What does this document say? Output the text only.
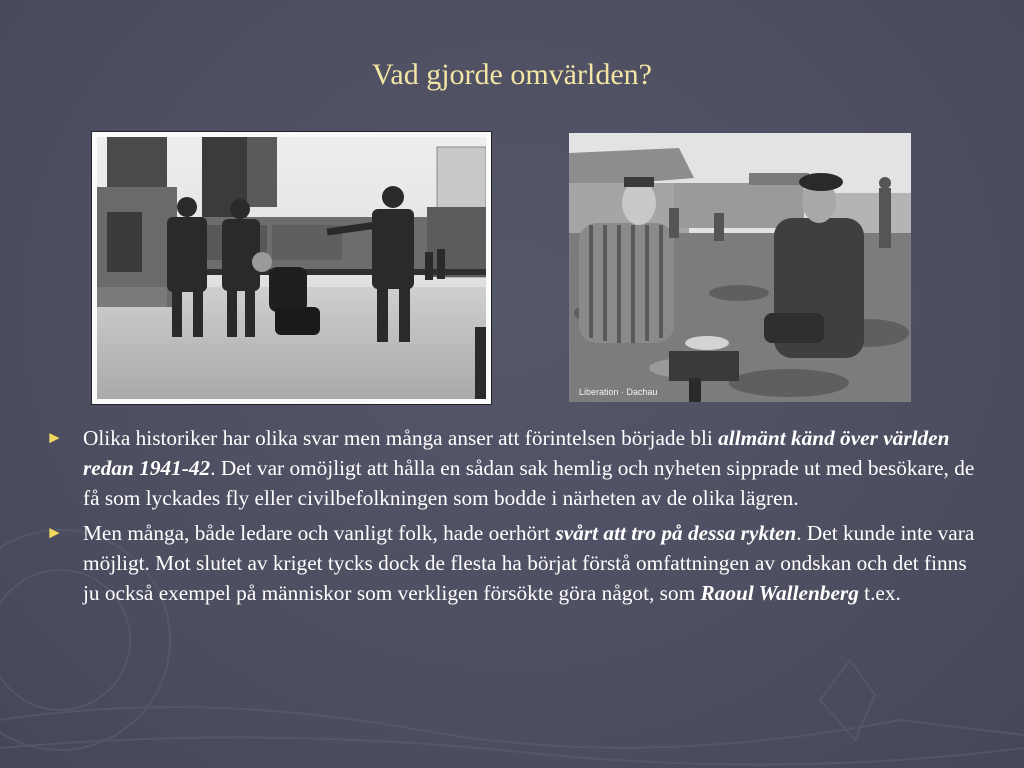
Vad gjorde omvärlden?
Liberation · Dachau
► Olika historiker har olika svar men många anser att förintelsen började bli allmänt känd över världen redan 1941-42. Det var omöjligt att hålla en sådan sak hemlig och nyheten sipprade ut med besökare, de få som lyckades fly eller civilbefolkningen som bodde i närheten av de olika lägren.
► Men många, både ledare och vanligt folk, hade oerhört svårt att tro på dessa rykten. Det kunde inte vara möjligt. Mot slutet av kriget tycks dock de flesta ha börjat förstå omfattningen av ondskan och det finns ju också exempel på människor som verkligen försökte göra något, som Raoul Wallenberg t.ex.
